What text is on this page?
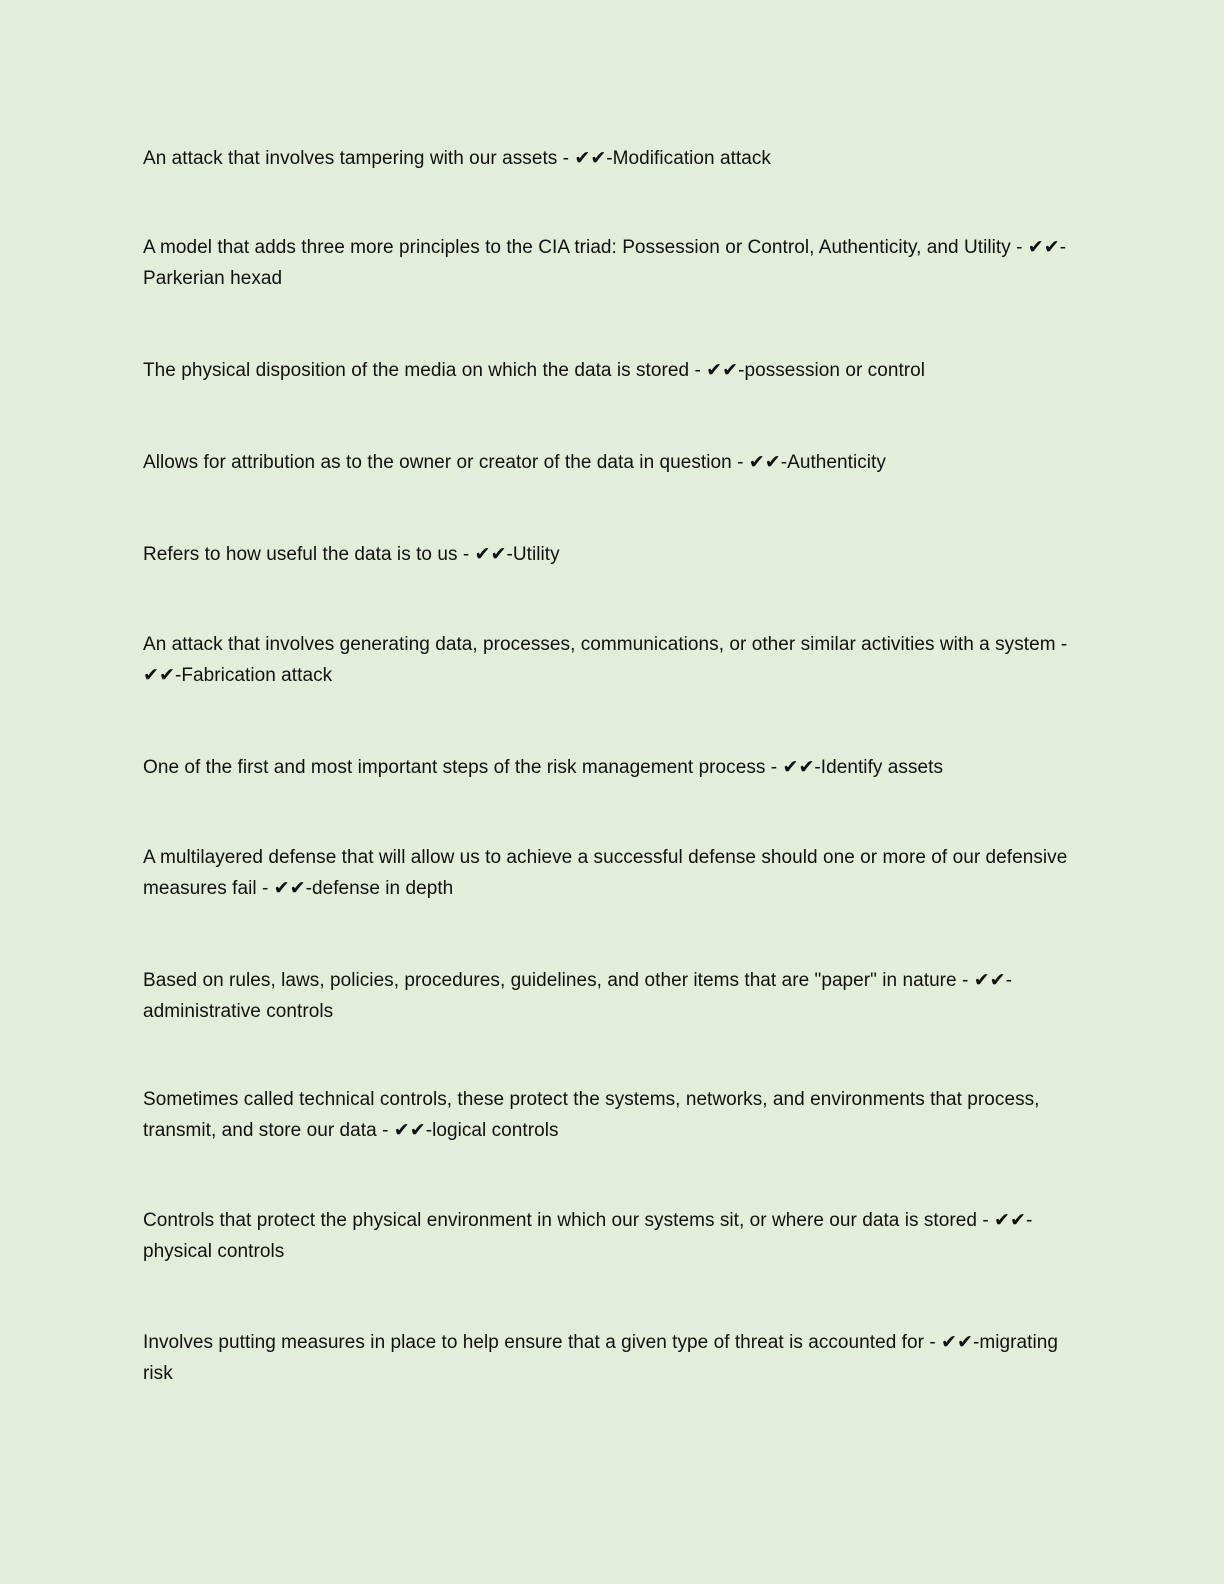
An attack that involves tampering with our assets - ✔✔-Modification attack

A model that adds three more principles to the CIA triad: Possession or Control, Authenticity, and Utility - ✔✔-Parkerian hexad

The physical disposition of the media on which the data is stored - ✔✔-possession or control

Allows for attribution as to the owner or creator of the data in question - ✔✔-Authenticity

Refers to how useful the data is to us - ✔✔-Utility

An attack that involves generating data, processes, communications, or other similar activities with a system - ✔✔-Fabrication attack

One of the first and most important steps of the risk management process - ✔✔-Identify assets

A multilayered defense that will allow us to achieve a successful defense should one or more of our defensive measures fail - ✔✔-defense in depth

Based on rules, laws, policies, procedures, guidelines, and other items that are "paper" in nature - ✔✔-administrative controls

Sometimes called technical controls, these protect the systems, networks, and environments that process, transmit, and store our data - ✔✔-logical controls

Controls that protect the physical environment in which our systems sit, or where our data is stored - ✔✔-physical controls

Involves putting measures in place to help ensure that a given type of threat is accounted for - ✔✔-migrating risk
